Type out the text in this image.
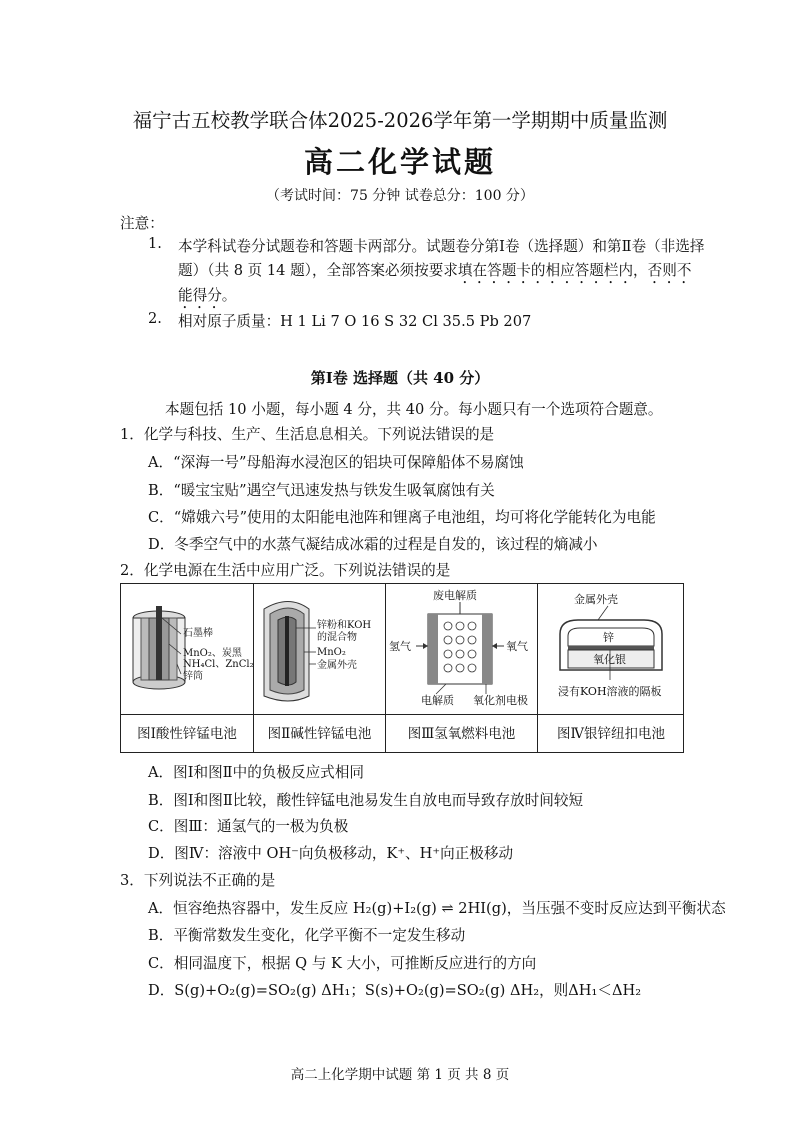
福宁古五校教学联合体2025-2026学年第一学期期中质量监测
高二化学试题
（考试时间：75 分钟 试卷总分：100 分）
注意：
1. 本学科试卷分试题卷和答题卡两部分。试题卷分第Ⅰ卷（选择题）和第Ⅱ卷（非选择
题）（共 8 页 14 题），全部答案必须按要求填在答题卡的相应答题栏内，否则不
能得分。
2. 相对原子质量：H 1 Li 7 O 16 S 32 Cl 35.5 Pb 207
第Ⅰ卷 选择题（共 40 分）
本题包括 10 小题，每小题 4 分，共 40 分。每小题只有一个选项符合题意。
1．化学与科技、生产、生活息息相关。下列说法错误的是
A．“深海一号”母船海水浸泡区的铝块可保障船体不易腐蚀
B．“暖宝宝贴”遇空气迅速发热与铁发生吸氧腐蚀有关
C．“嫦娥六号”使用的太阳能电池阵和锂离子电池组，均可将化学能转化为电能
D．冬季空气中的水蒸气凝结成冰霜的过程是自发的，该过程的熵减小
2．化学电源在生活中应用广泛。下列说法错误的是
石墨棒
MnO₂、炭黑
NH₄Cl、ZnCl₂
锌筒
锌粉和KOH
的混合物
MnO₂
金属外壳
废电解质
氢气	氧气
电解质 氧化剂电极
金属外壳
锌
氧化银
浸有KOH溶液的隔板
图Ⅰ酸性锌锰电池	图Ⅱ碱性锌锰电池	图Ⅲ氢氧燃料电池	图Ⅳ银锌纽扣电池
A．图Ⅰ和图Ⅱ中的负极反应式相同
B．图Ⅰ和图Ⅱ比较，酸性锌锰电池易发生自放电而导致存放时间较短
C．图Ⅲ：通氢气的一极为负极
D．图Ⅳ：溶液中 OH⁻向负极移动，K⁺、H⁺向正极移动
3．下列说法不正确的是
A．恒容绝热容器中，发生反应 H₂(g)+I₂(g) ⇌ 2HI(g)，当压强不变时反应达到平衡状态
B．平衡常数发生变化，化学平衡不一定发生移动
C．相同温度下，根据 Q 与 K 大小，可推断反应进行的方向
D．S(g)+O₂(g)=SO₂(g) ΔH₁；S(s)+O₂(g)=SO₂(g) ΔH₂，则ΔH₁＜ΔH₂
高二上化学期中试题 第 1 页 共 8 页
